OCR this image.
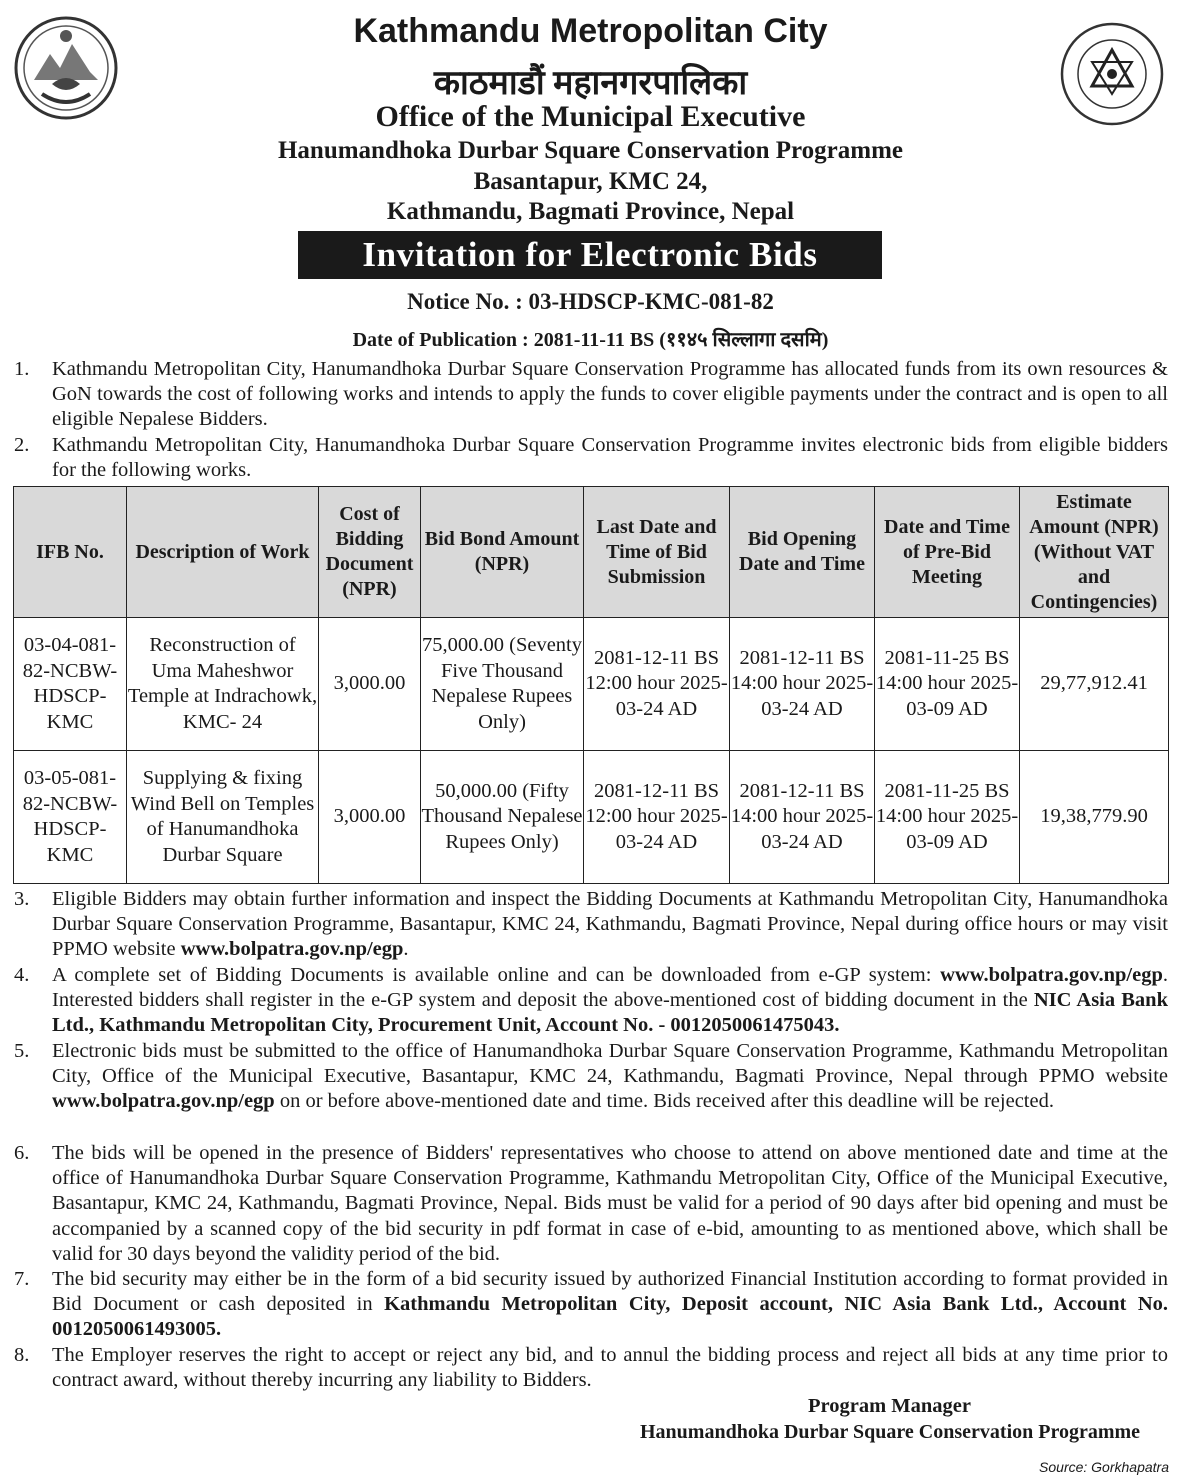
Kathmandu Metropolitan City
काठमाडौं महानगरपालिका
Office of the Municipal Executive
Hanumandhoka Durbar Square Conservation Programme
Basantapur, KMC 24,
Kathmandu, Bagmati Province, Nepal
Invitation for Electronic Bids
Notice No. : 03-HDSCP-KMC-081-82
Date of Publication : 2081-11-11 BS (११४५ सिल्लागा दसमि)
1. Kathmandu Metropolitan City, Hanumandhoka Durbar Square Conservation Programme has allocated funds from its own resources & GoN towards the cost of following works and intends to apply the funds to cover eligible payments under the contract and is open to all eligible Nepalese Bidders.
2. Kathmandu Metropolitan City, Hanumandhoka Durbar Square Conservation Programme invites electronic bids from eligible bidders for the following works.
IFB No.	Description of Work	Cost of Bidding Document (NPR)	Bid Bond Amount (NPR)	Last Date and Time of Bid Submission	Bid Opening Date and Time	Date and Time of Pre-Bid Meeting	Estimate Amount (NPR) (Without VAT and Contingencies)
03-04-081-82-NCBW-HDSCP-KMC	Reconstruction of Uma Maheshwor Temple at Indrachowk, KMC- 24	3,000.00	75,000.00 (Seventy Five Thousand Nepalese Rupees Only)	2081-12-11 BS 12:00 hour 2025-03-24 AD	2081-12-11 BS 14:00 hour 2025-03-24 AD	2081-11-25 BS 14:00 hour 2025-03-09 AD	29,77,912.41
03-05-081-82-NCBW-HDSCP-KMC	Supplying & fixing Wind Bell on Temples of Hanumandhoka Durbar Square	3,000.00	50,000.00 (Fifty Thousand Nepalese Rupees Only)	2081-12-11 BS 12:00 hour 2025-03-24 AD	2081-12-11 BS 14:00 hour 2025-03-24 AD	2081-11-25 BS 14:00 hour 2025-03-09 AD	19,38,779.90
3. Eligible Bidders may obtain further information and inspect the Bidding Documents at Kathmandu Metropolitan City, Hanumandhoka Durbar Square Conservation Programme, Basantapur, KMC 24, Kathmandu, Bagmati Province, Nepal during office hours or may visit PPMO website www.bolpatra.gov.np/egp.
4. A complete set of Bidding Documents is available online and can be downloaded from e-GP system: www.bolpatra.gov.np/egp. Interested bidders shall register in the e-GP system and deposit the above-mentioned cost of bidding document in the NIC Asia Bank Ltd., Kathmandu Metropolitan City, Procurement Unit, Account No. - 0012050061475043.
5. Electronic bids must be submitted to the office of Hanumandhoka Durbar Square Conservation Programme, Kathmandu Metropolitan City, Office of the Municipal Executive, Basantapur, KMC 24, Kathmandu, Bagmati Province, Nepal through PPMO website www.bolpatra.gov.np/egp on or before above-mentioned date and time. Bids received after this deadline will be rejected.
6. The bids will be opened in the presence of Bidders' representatives who choose to attend on above mentioned date and time at the office of Hanumandhoka Durbar Square Conservation Programme, Kathmandu Metropolitan City, Office of the Municipal Executive, Basantapur, KMC 24, Kathmandu, Bagmati Province, Nepal. Bids must be valid for a period of 90 days after bid opening and must be accompanied by a scanned copy of the bid security in pdf format in case of e-bid, amounting to as mentioned above, which shall be valid for 30 days beyond the validity period of the bid.
7. The bid security may either be in the form of a bid security issued by authorized Financial Institution according to format provided in Bid Document or cash deposited in Kathmandu Metropolitan City, Deposit account, NIC Asia Bank Ltd., Account No. 0012050061493005.
8. The Employer reserves the right to accept or reject any bid, and to annul the bidding process and reject all bids at any time prior to contract award, without thereby incurring any liability to Bidders.
Program Manager
Hanumandhoka Durbar Square Conservation Programme
Source: Gorkhapatra
